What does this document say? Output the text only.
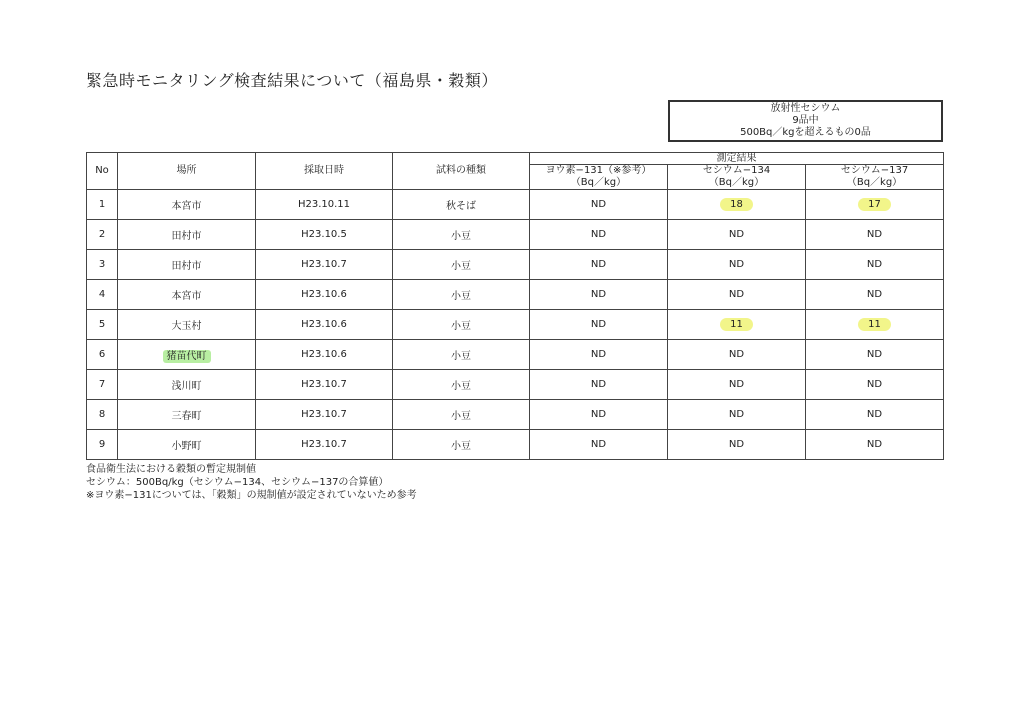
緊急時モニタリング検査結果について（福島県・穀類）
放射性セシウム
9品中
500Bq／kgを超えるもの0品
No	場所	採取日時	試料の種類	測定結果		
				ヨウ素−131（※参考）	セシウム−134	セシウム−137
				（Bq／kg）	（Bq／kg）	（Bq／kg）
1	本宮市	H23.10.11	秋そば	ND	18	17
2	田村市	H23.10.5	小豆	ND	ND	ND
3	田村市	H23.10.7	小豆	ND	ND	ND
4	本宮市	H23.10.6	小豆	ND	ND	ND
5	大玉村	H23.10.6	小豆	ND	11	11
6	猪苗代町	H23.10.6	小豆	ND	ND	ND
7	浅川町	H23.10.7	小豆	ND	ND	ND
8	三春町	H23.10.7	小豆	ND	ND	ND
9	小野町	H23.10.7	小豆	ND	ND	ND
食品衛生法における穀類の暫定規制値
セシウム：500Bq/kg（セシウム−134、セシウム−137の合算値）
※ヨウ素−131については、「穀類」の規制値が設定されていないため参考
